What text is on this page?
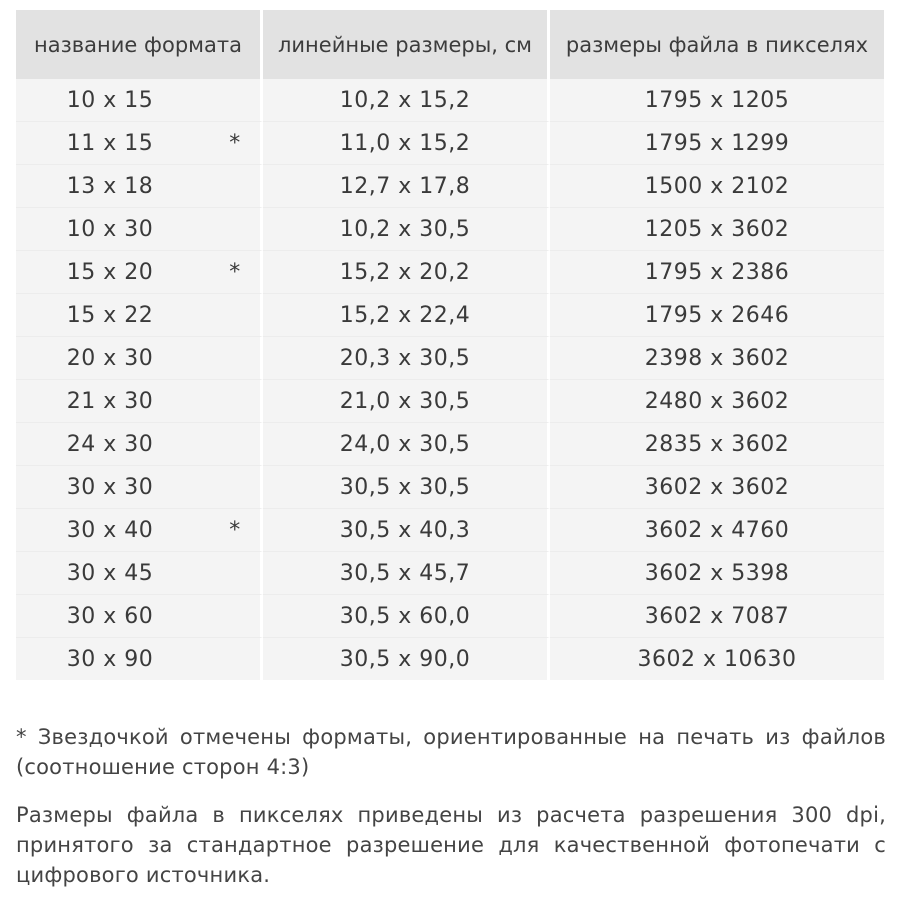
название формата		линейные размеры, см	размеры файла в пикселях
10 x 15		10,2 x 15,2	1795 x 1205
11 x 15	*	11,0 x 15,2	1795 x 1299
13 x 18		12,7 x 17,8	1500 x 2102
10 x 30		10,2 x 30,5	1205 x 3602
15 x 20	*	15,2 x 20,2	1795 x 2386
15 x 22		15,2 x 22,4	1795 x 2646
20 x 30		20,3 x 30,5	2398 x 3602
21 x 30		21,0 x 30,5	2480 x 3602
24 x 30		24,0 x 30,5	2835 x 3602
30 x 30		30,5 x 30,5	3602 x 3602
30 x 40	*	30,5 x 40,3	3602 x 4760
30 x 45		30,5 x 45,7	3602 x 5398
30 x 60		30,5 x 60,0	3602 x 7087
30 x 90		30,5 x 90,0	3602 x 10630
* Звездочкой отмечены форматы, ориентированные на печать из файлов (соотношение сторон 4:3)
Размеры файла в пикселях приведены из расчета разрешения 300 dpi, принятого за стандартное разрешение для качественной фотопечати с цифрового источника.
